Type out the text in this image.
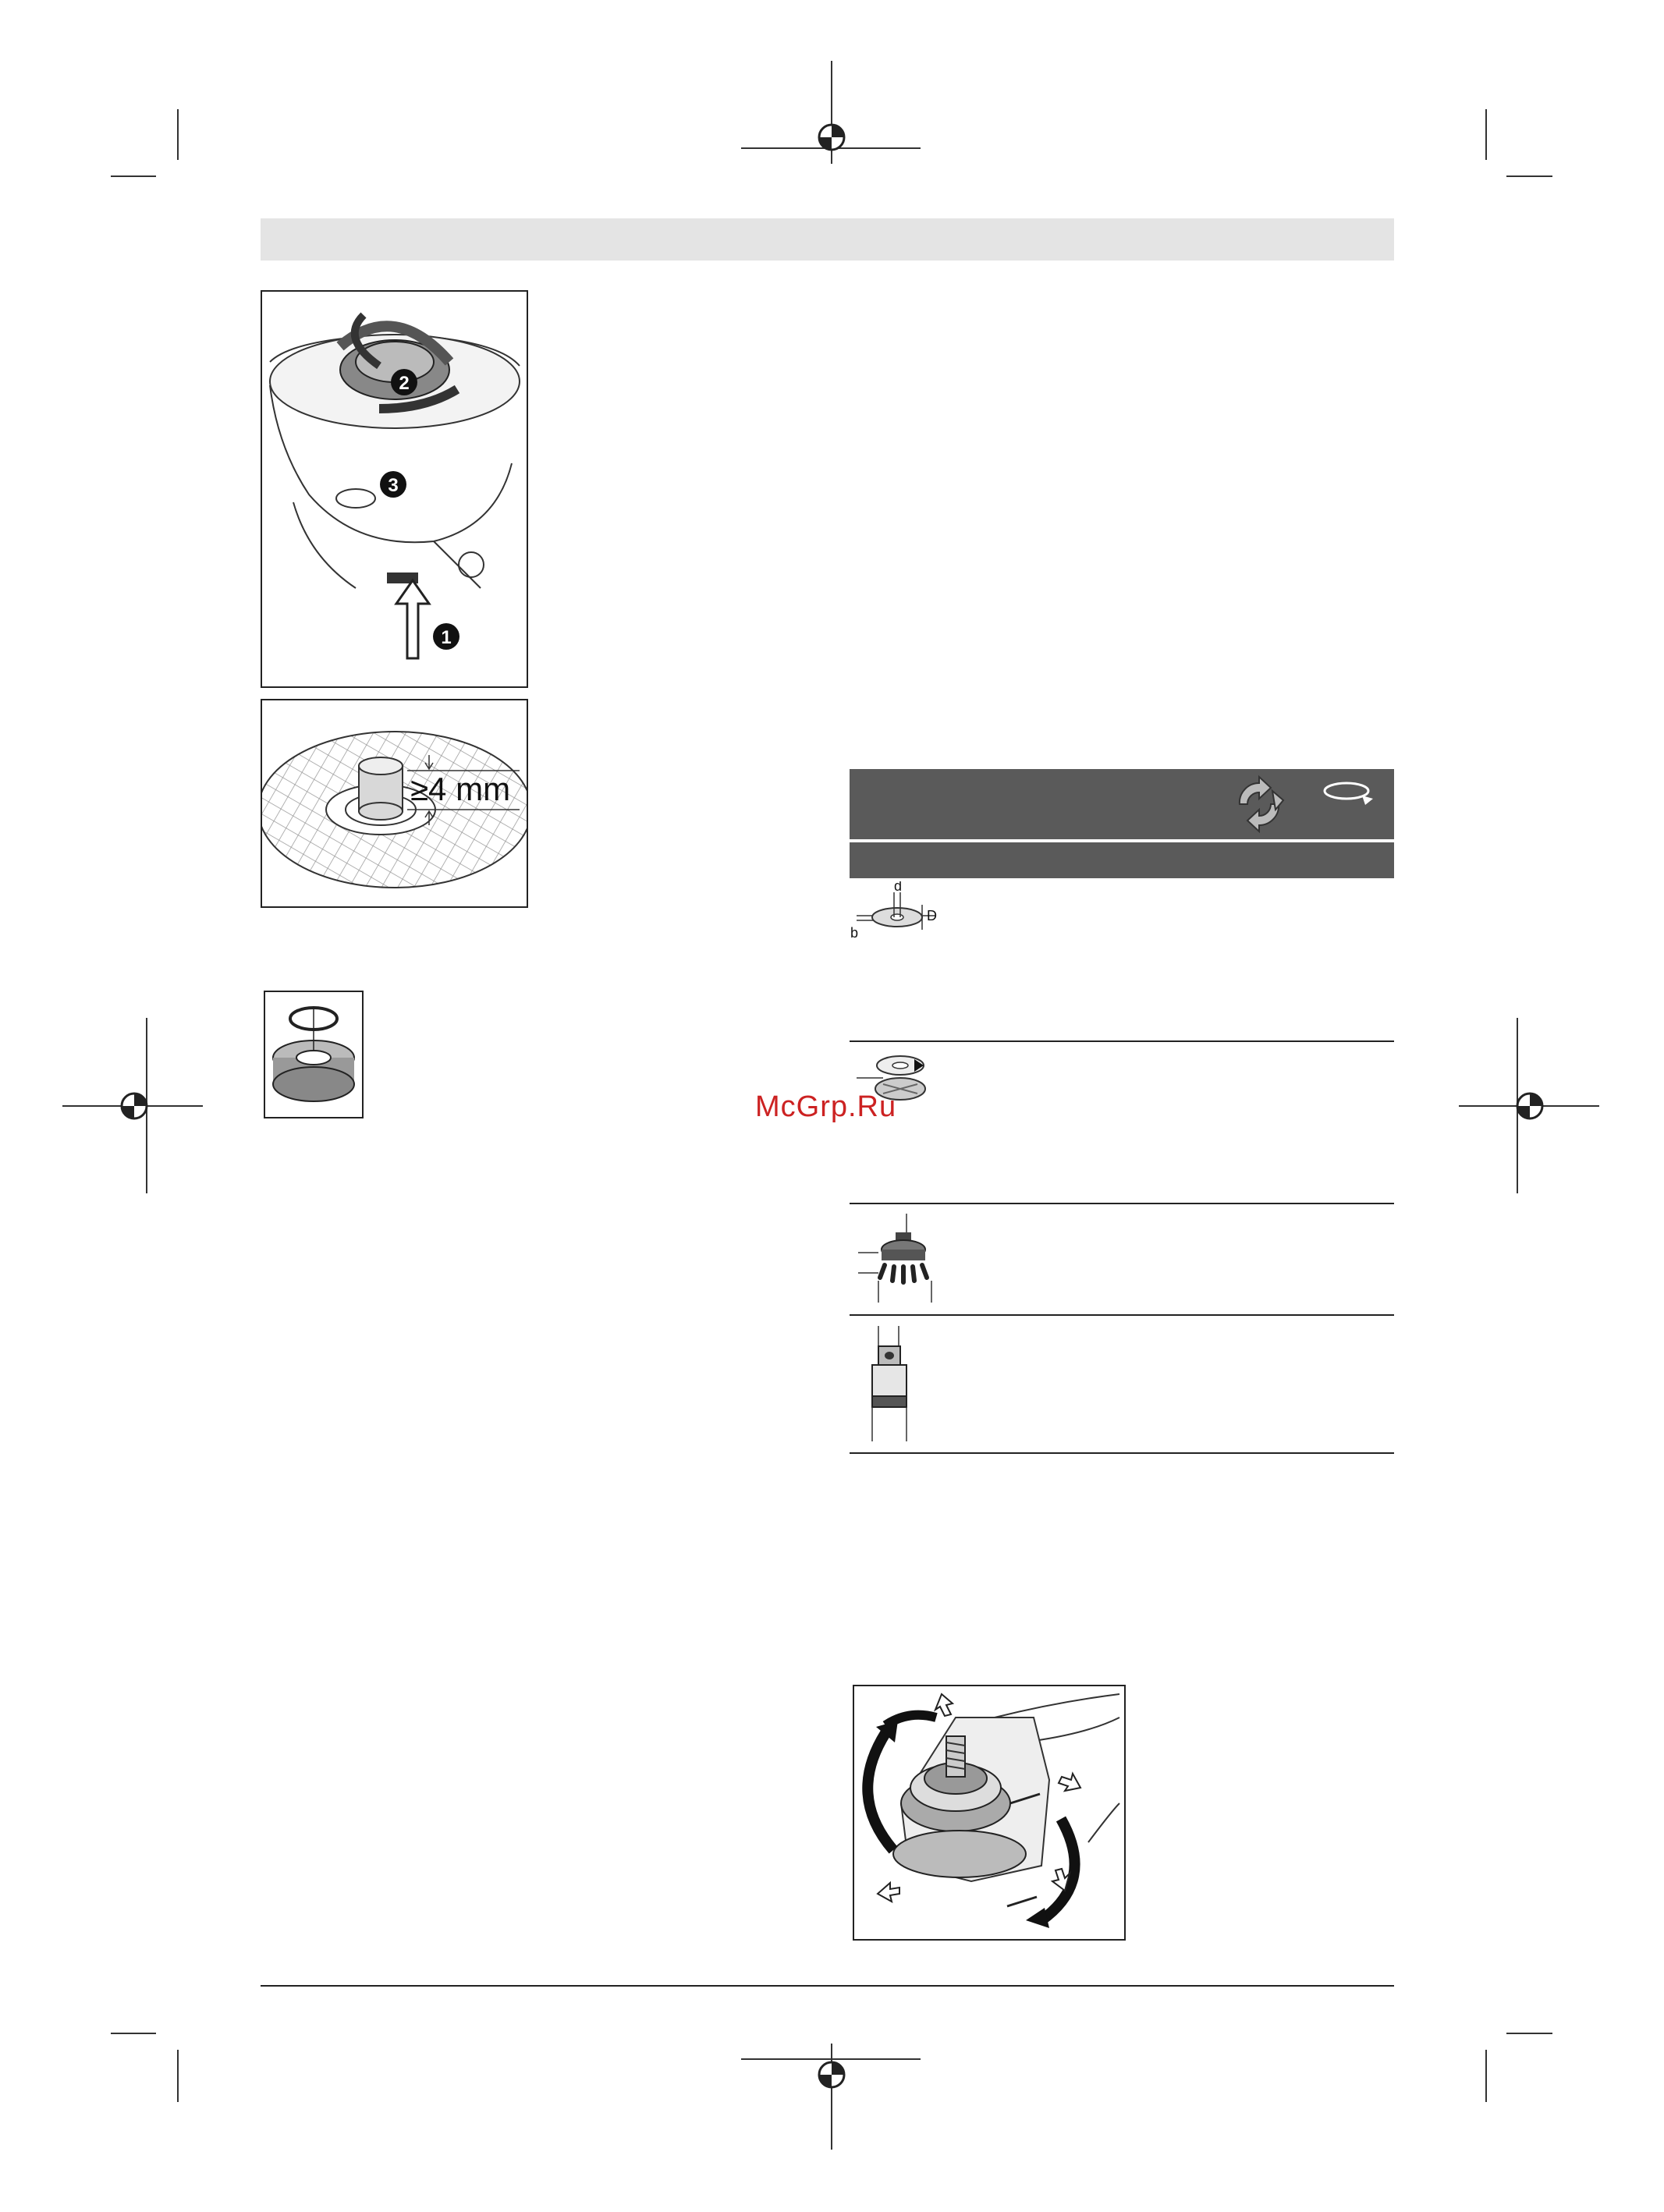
1
2
3
≥4 mm
d
D
b
McGrp.Ru
